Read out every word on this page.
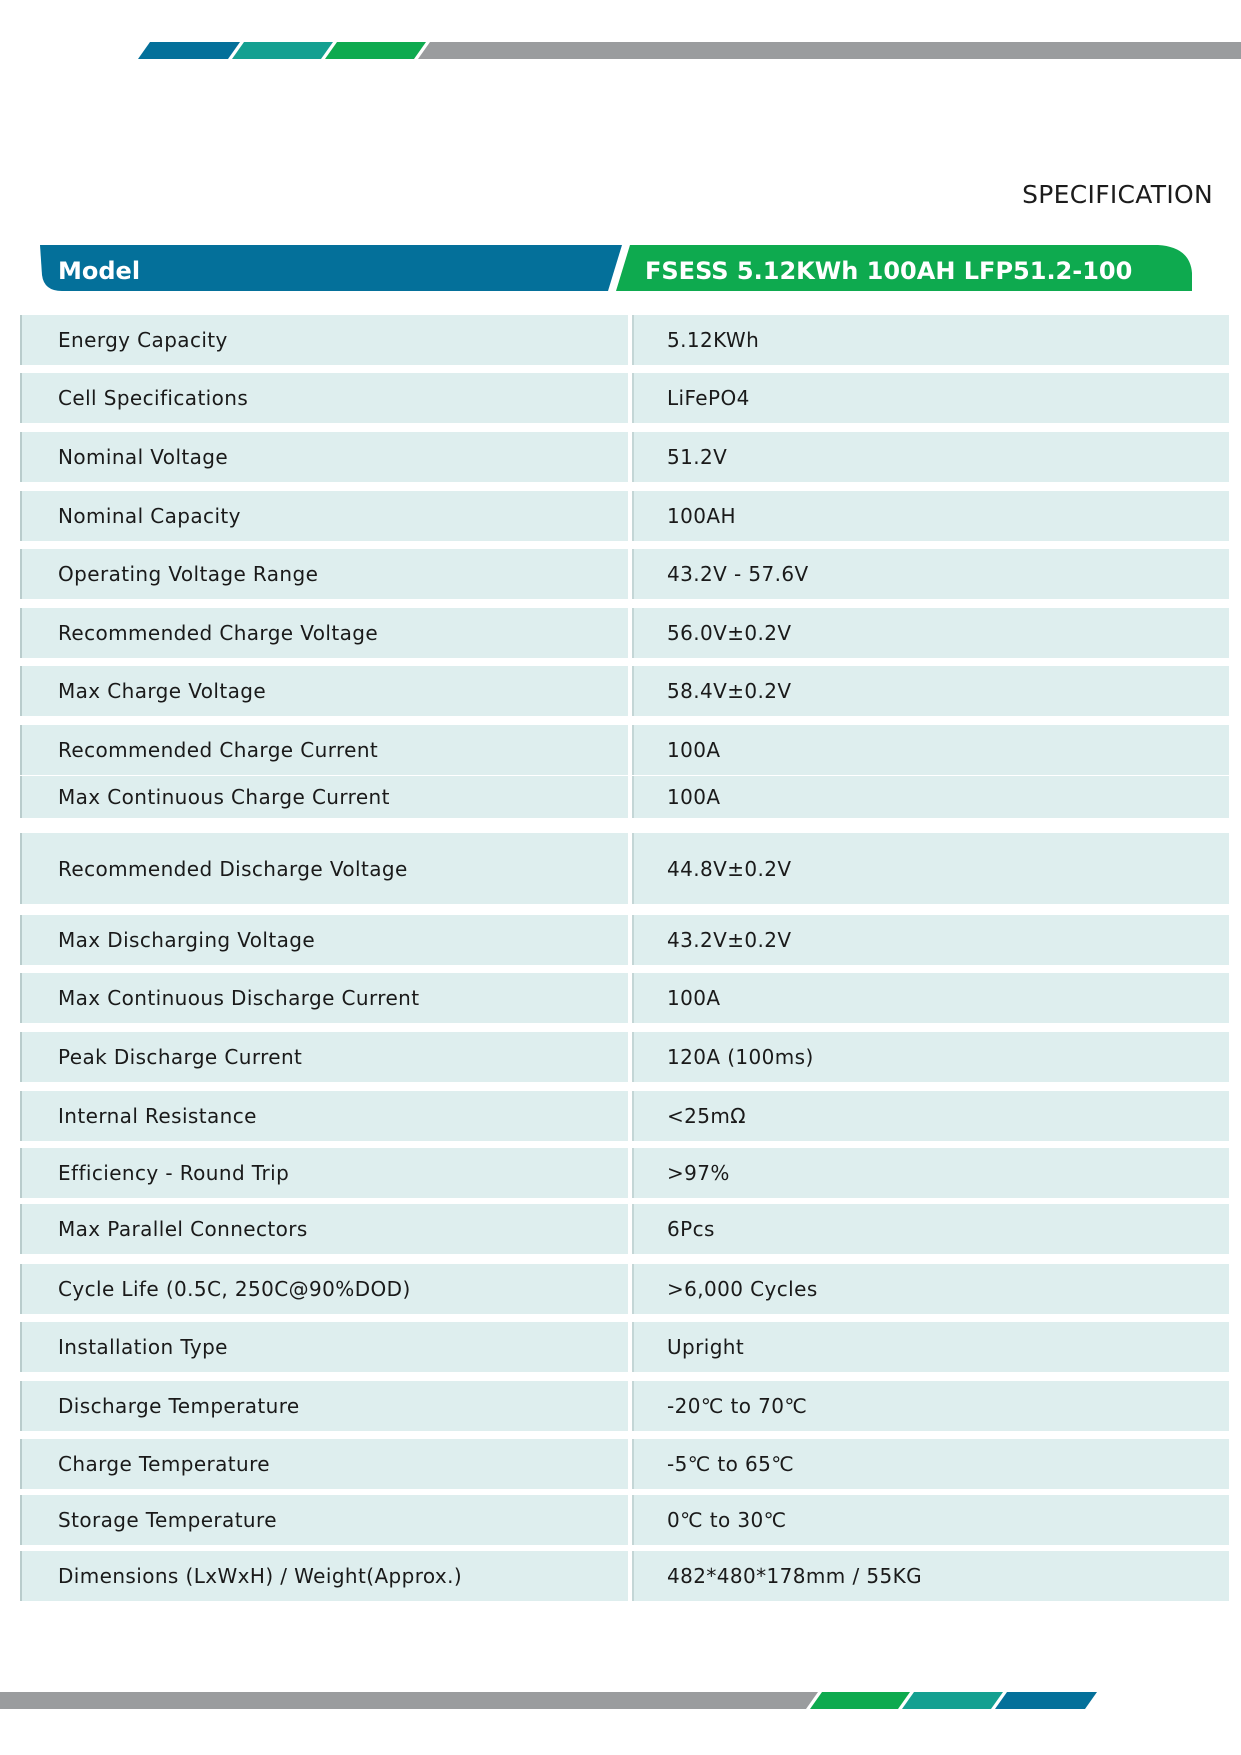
SPECIFICATION
Model	FSESS 5.12KWh 100AH LFP51.2-100
Energy Capacity	5.12KWh
Cell Specifications	LiFePO4
Nominal Voltage	51.2V
Nominal Capacity	100AH
Operating Voltage Range	43.2V - 57.6V
Recommended Charge Voltage	56.0V±0.2V
Max Charge Voltage	58.4V±0.2V
Recommended Charge Current	100A
Max Continuous Charge Current	100A
Recommended Discharge Voltage	44.8V±0.2V
Max Discharging Voltage	43.2V±0.2V
Max Continuous Discharge Current	100A
Peak Discharge Current	120A (100ms)
Internal Resistance	<25mΩ
Efficiency - Round Trip	>97%
Max Parallel Connectors	6Pcs
Cycle Life (0.5C, 250C@90%DOD)	>6,000 Cycles
Installation Type	Upright
Discharge Temperature	-20℃ to 70℃
Charge Temperature	-5℃ to 65℃
Storage Temperature	0℃ to 30℃
Dimensions (LxWxH) / Weight(Approx.)	482*480*178mm / 55KG
